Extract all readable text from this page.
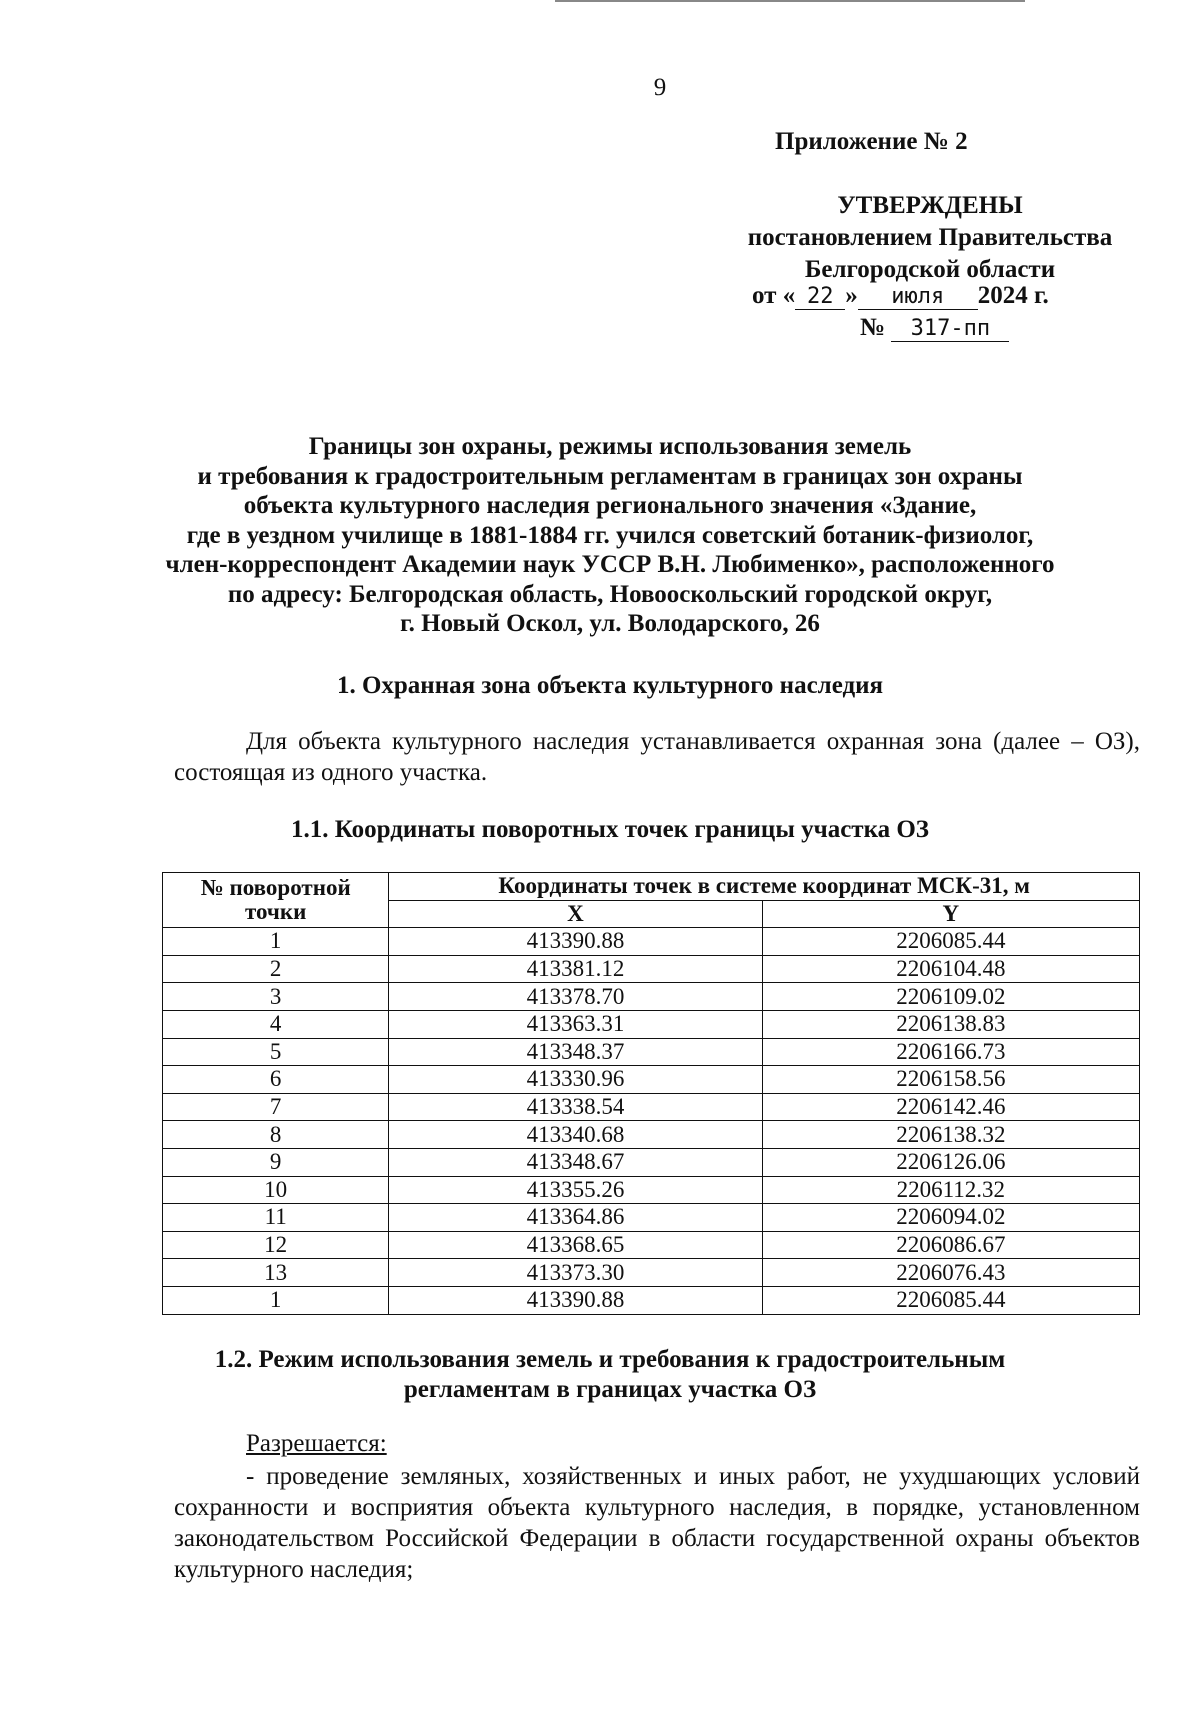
9
Приложение № 2
УТВЕРЖДЕНЫ
постановлением Правительства
Белгородской области
от « 22 » июля 2024 г.
№ 317-пп
Границы зон охраны, режимы использования земель
и требования к градостроительным регламентам в границах зон охраны
объекта культурного наследия регионального значения «Здание,
где в уездном училище в 1881-1884 гг. учился советский ботаник-физиолог,
член-корреспондент Академии наук УССР В.Н. Любименко», расположенного
по адресу: Белгородская область, Новооскольский городской округ,
г. Новый Оскол, ул. Володарского, 26
1. Охранная зона объекта культурного наследия
Для объекта культурного наследия устанавливается охранная зона (далее – ОЗ), состоящая из одного участка.
1.1. Координаты поворотных точек границы участка ОЗ
№ поворотной
точки	Координаты точек в системе координат МСК-31, м	
	X	Y
1	413390.88	2206085.44
2	413381.12	2206104.48
3	413378.70	2206109.02
4	413363.31	2206138.83
5	413348.37	2206166.73
6	413330.96	2206158.56
7	413338.54	2206142.46
8	413340.68	2206138.32
9	413348.67	2206126.06
10	413355.26	2206112.32
11	413364.86	2206094.02
12	413368.65	2206086.67
13	413373.30	2206076.43
1	413390.88	2206085.44
1.2. Режим использования земель и требования к градостроительным
регламентам в границах участка ОЗ
Разрешается:
- проведение земляных, хозяйственных и иных работ, не ухудшающих условий сохранности и восприятия объекта культурного наследия, в порядке, установленном законодательством Российской Федерации в области государственной охраны объектов культурного наследия;
